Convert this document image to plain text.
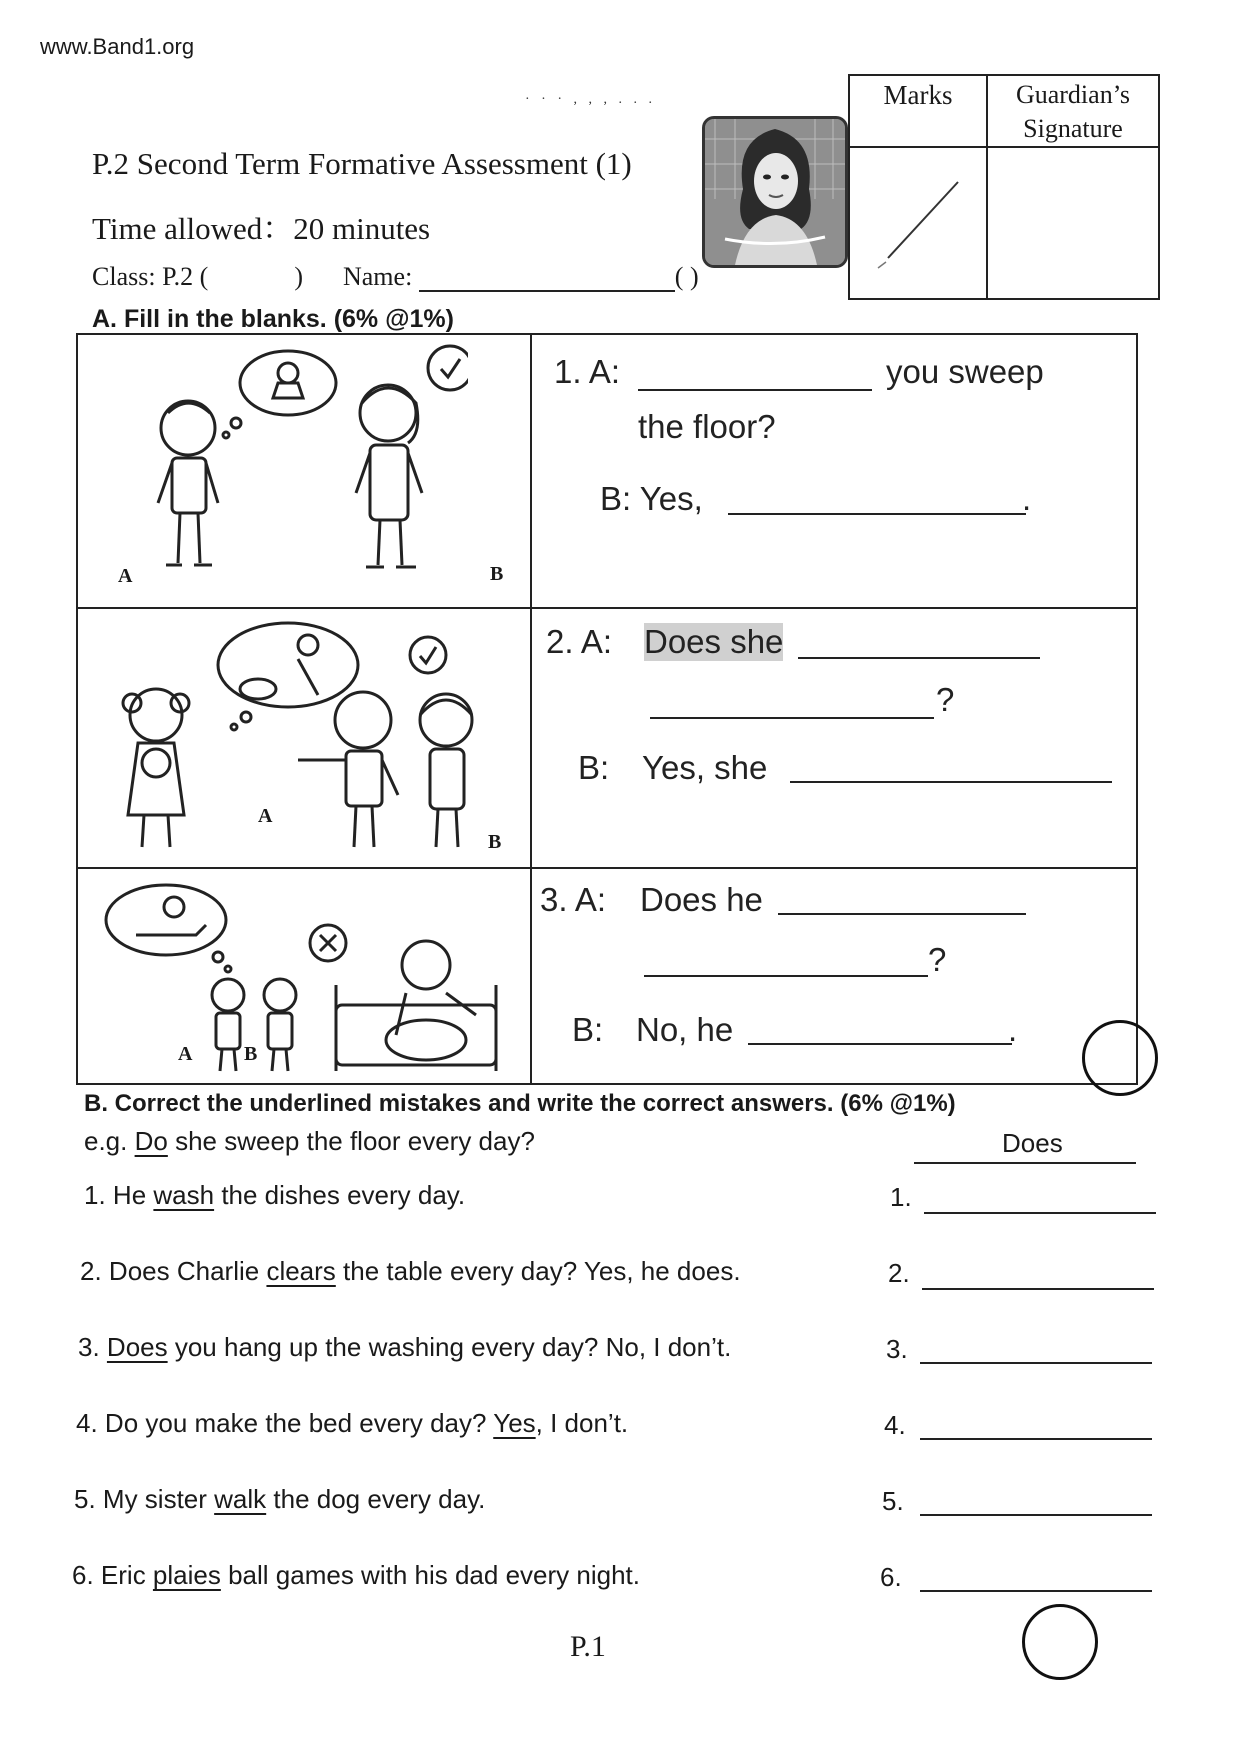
www.Band1.org
· · · , , , . . .
P.2 Second Term Formative Assessment (1)
Time allowed：20 minutes
Class: P.2 (	) Name:	( )
Marks	Guardian’s
Signature
A. Fill in the blanks. (6% @1%)
A	B
1. A:	you sweep
the floor?
B: Yes,	.
A
B
2. A: Does she
?
B: Yes, she
A	B
3. A: Does he
?
B: No, he	.
B. Correct the underlined mistakes and write the correct answers. (6% @1%)
e.g. Do she sweep the floor every day?	Does
1. He wash the dishes every day.	1.
2. Does Charlie clears the table every day? Yes, he does.	2.
3. Does you hang up the washing every day? No, I don’t.	3.
4. Do you make the bed every day? Yes, I don’t.	4.
5. My sister walk the dog every day.	5.
6. Eric plaies ball games with his dad every night.	6.
P.1
